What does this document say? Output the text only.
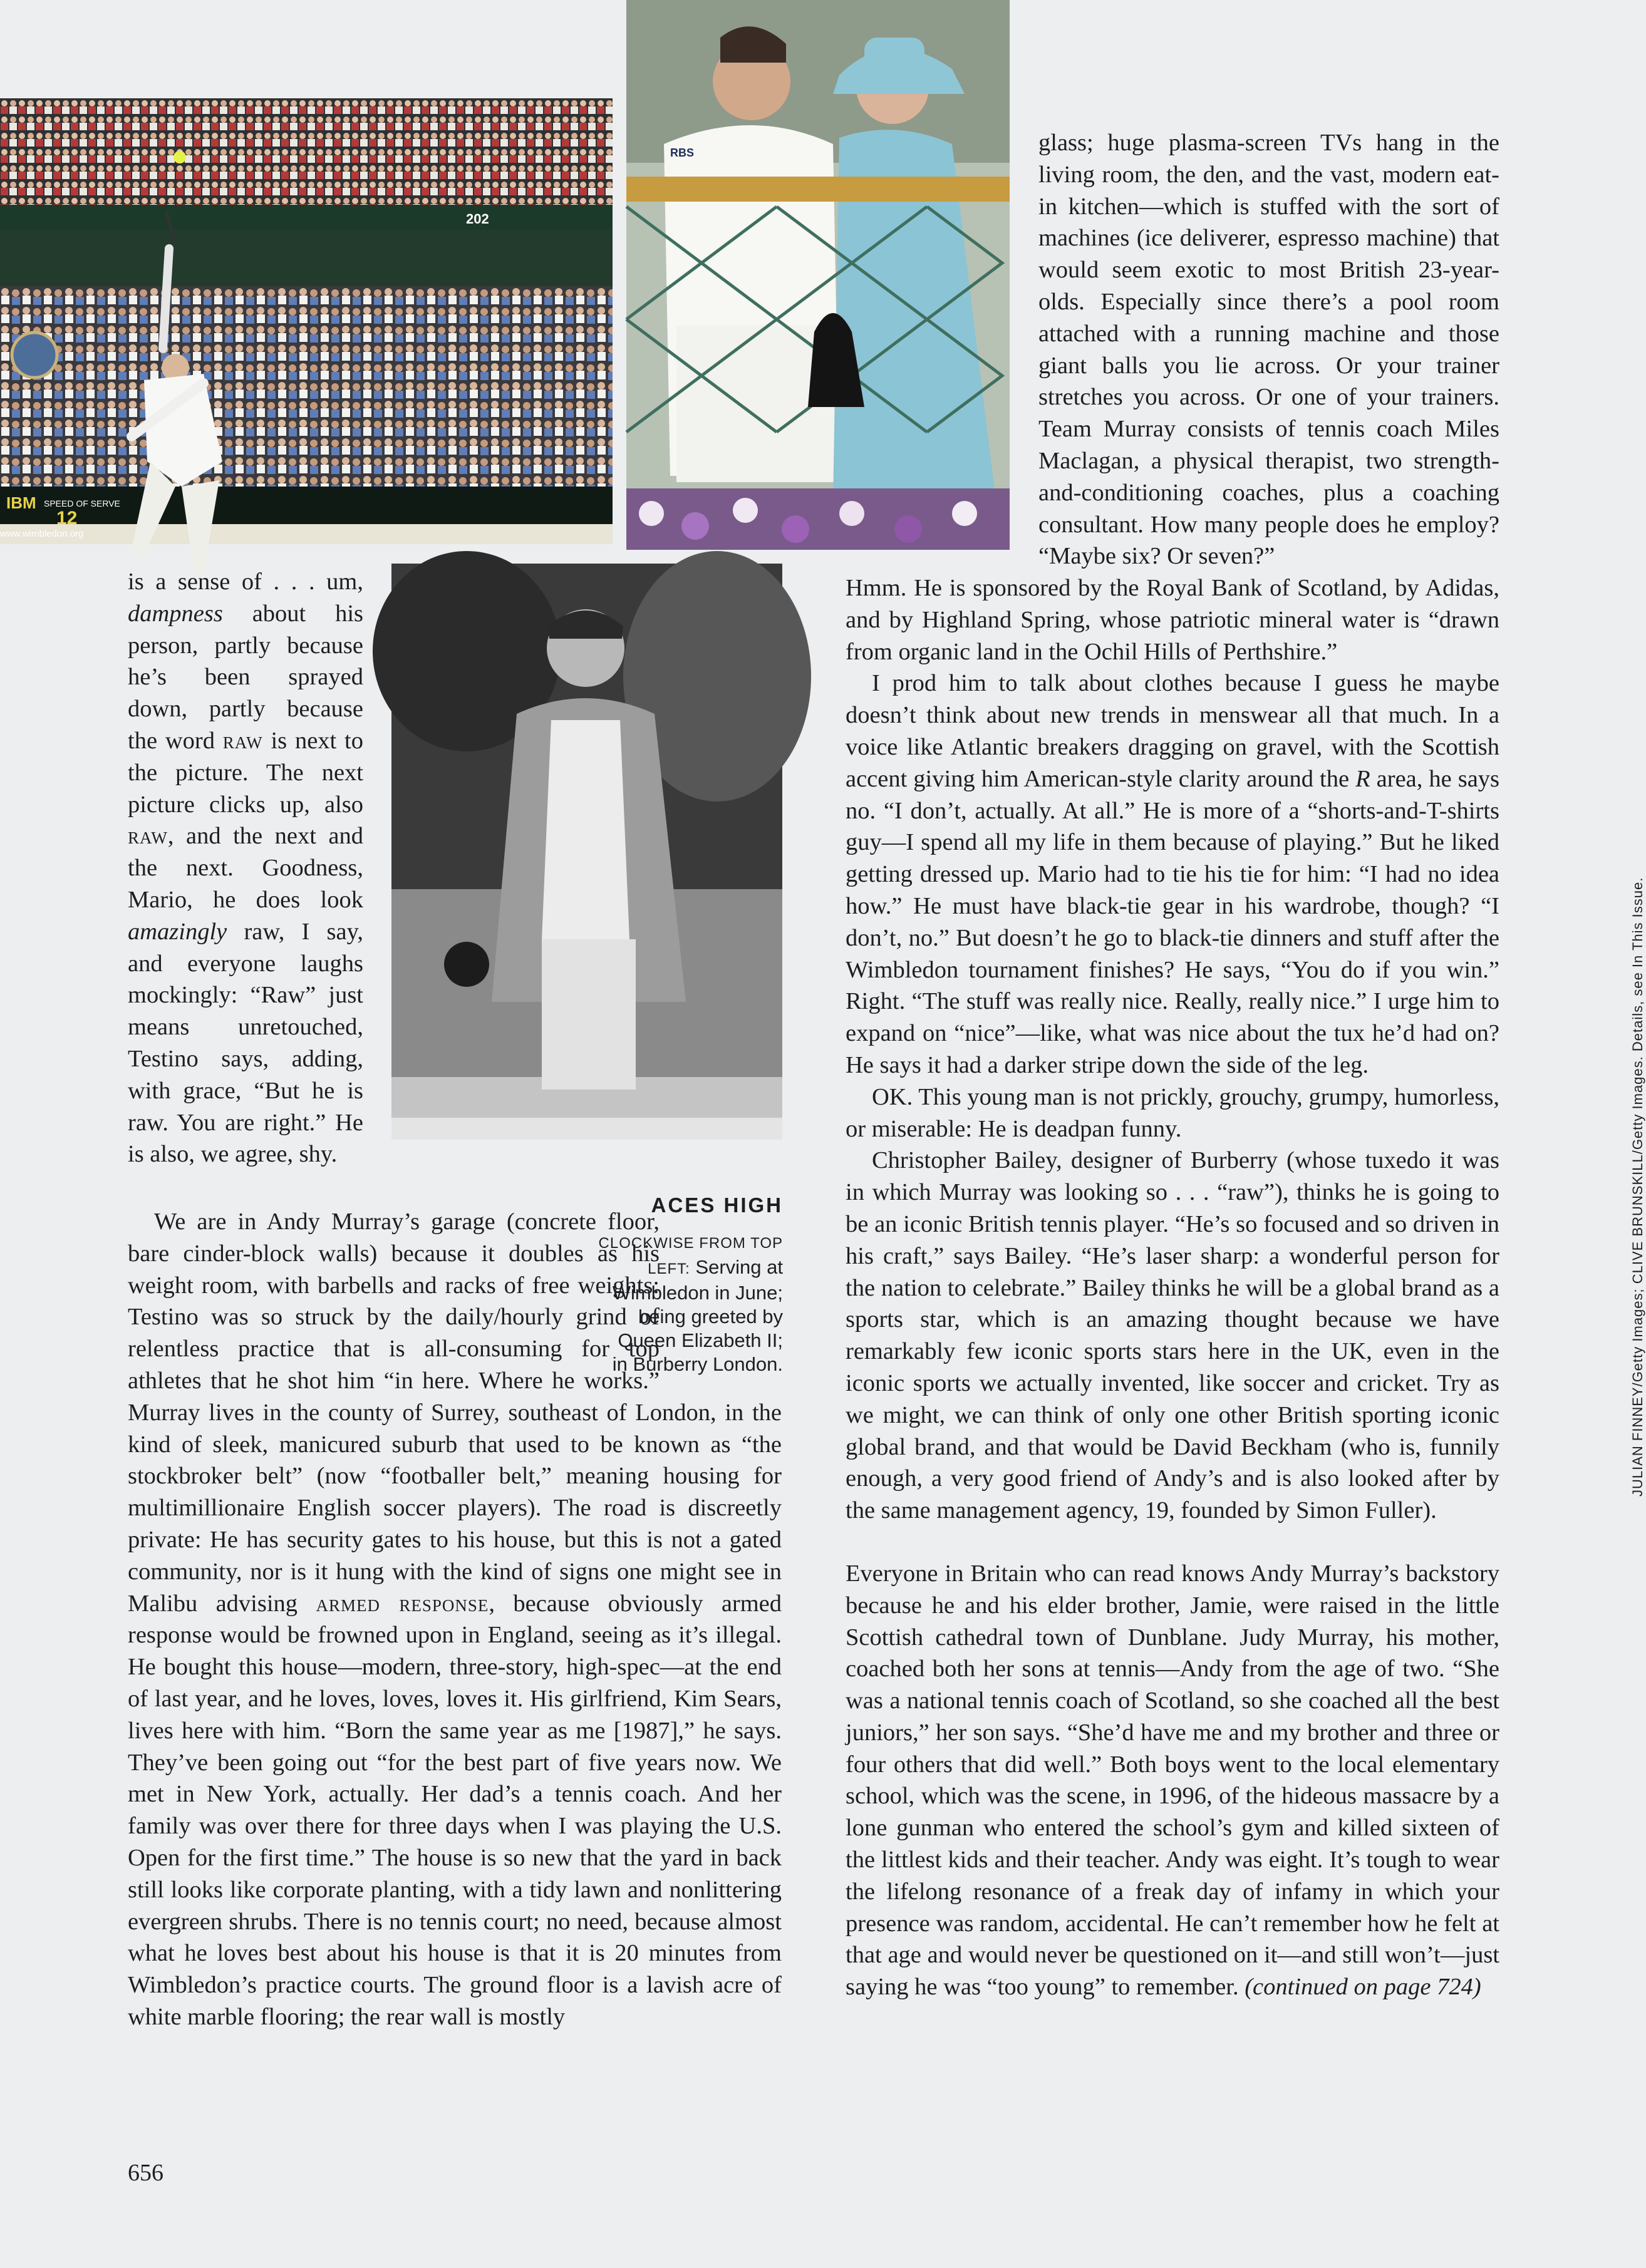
202
IBM SPEED OF SERVE
12
www.wimbledon.org
RBS
ACES HIGH
CLOCKWISE FROM TOP LEFT: Serving at
Wimbledon in June;
being greeted by
Queen Elizabeth II;
in Burberry London.

is a sense of . . . um, dampness about his person, partly because he’s been sprayed down, partly because the word raw is next to the picture. The next picture clicks up, also raw, and the next and the next. Goodness, Mario, he does look amazingly raw, I say, and everyone laughs mockingly: “Raw” just means unretouched, Testino says, adding, with grace, “But he is raw. You are right.” He is also, we agree, shy.

We are in Andy Murray’s garage (concrete floor, bare cinder-block walls) because it doubles as his weight room, with barbells and racks of free weights: Testino was so struck by the daily/hourly grind of relentless practice that is all-consuming for top athletes that he shot him “in here. Where he works.” Murray lives in the county of Surrey, southeast of London, in the kind of sleek, manicured suburb that used to be known as “the stockbroker belt” (now “footballer belt,” meaning housing for multimillionaire English soccer players). The road is discreetly private: He has security gates to his house, but this is not a gated community, nor is it hung with the kind of signs one might see in Malibu advising armed response, because obviously armed response would be frowned upon in England, seeing as it’s illegal. He bought this house—modern, three-story, high-spec—at the end of last year, and he loves, loves, loves it. His girlfriend, Kim Sears, lives here with him. “Born the same year as me [1987],” he says. They’ve been going out “for the best part of five years now. We met in New York, actually. Her dad’s a tennis coach. And her family was over there for three days when I was playing the U.S. Open for the first time.” The house is so new that the yard in back still looks like corporate planting, with a tidy lawn and nonlittering evergreen shrubs. There is no tennis court; no need, because almost what he loves best about his house is that it is 20 minutes from Wimbledon’s practice courts. The ground floor is a lavish acre of white marble flooring; the rear wall is mostly

glass; huge plasma-screen TVs hang in the living room, the den, and the vast, modern eat-in kitchen—which is stuffed with the sort of machines (ice deliverer, espresso machine) that would seem exotic to most British 23-year-olds. Especially since there’s a pool room attached with a running machine and those giant balls you lie across. Or your trainer stretches you across. Or one of your trainers. Team Murray consists of tennis coach Miles Maclagan, a physical therapist, two strength-and-conditioning coaches, plus a coaching consultant. How many people does he employ? “Maybe six? Or seven?”

Hmm. He is sponsored by the Royal Bank of Scotland, by Adidas, and by Highland Spring, whose patriotic mineral water is “drawn from organic land in the Ochil Hills of Perthshire.”

I prod him to talk about clothes because I guess he maybe doesn’t think about new trends in menswear all that much. In a voice like Atlantic breakers dragging on gravel, with the Scottish accent giving him American-style clarity around the R area, he says no. “I don’t, actually. At all.” He is more of a “shorts-and-T-shirts guy—I spend all my life in them because of playing.” But he liked getting dressed up. Mario had to tie his tie for him: “I had no idea how.” He must have black-tie gear in his wardrobe, though? “I don’t, no.” But doesn’t he go to black-tie dinners and stuff after the Wimbledon tournament finishes? He says, “You do if you win.” Right. “The stuff was really nice. Really, really nice.” I urge him to expand on “nice”—like, what was nice about the tux he’d had on? He says it had a darker stripe down the side of the leg.

OK. This young man is not prickly, grouchy, grumpy, humorless, or miserable: He is deadpan funny.

Christopher Bailey, designer of Burberry (whose tuxedo it was in which Murray was looking so . . . “raw”), thinks he is going to be an iconic British tennis player. “He’s so focused and so driven in his craft,” says Bailey. “He’s laser sharp: a wonderful person for the nation to celebrate.” Bailey thinks he will be a global brand as a sports star, which is an amazing thought because we have remarkably few iconic sports stars here in the UK, even in the iconic sports we actually invented, like soccer and cricket. Try as we might, we can think of only one other British sporting iconic global brand, and that would be David Beckham (who is, funnily enough, a very good friend of Andy’s and is also looked after by the same management agency, 19, founded by Simon Fuller).

Everyone in Britain who can read knows Andy Murray’s backstory because he and his elder brother, Jamie, were raised in the little Scottish cathedral town of Dunblane. Judy Murray, his mother, coached both her sons at tennis—Andy from the age of two. “She was a national tennis coach of Scotland, so she coached all the best juniors,” her son says. “She’d have me and my brother and three or four others that did well.” Both boys went to the local elementary school, which was the scene, in 1996, of the hideous massacre by a lone gunman who entered the school’s gym and killed sixteen of the littlest kids and their teacher. Andy was eight. It’s tough to wear the lifelong resonance of a freak day of infamy in which your presence was random, accidental. He can’t remember how he felt at that age and would never be questioned on it—and still won’t—just saying he was “too young” to remember. (continued on page 724)

JULIAN FINNEY/Getty Images; CLIVE BRUNSKILL/Getty Images. Details, see In This Issue.
656
